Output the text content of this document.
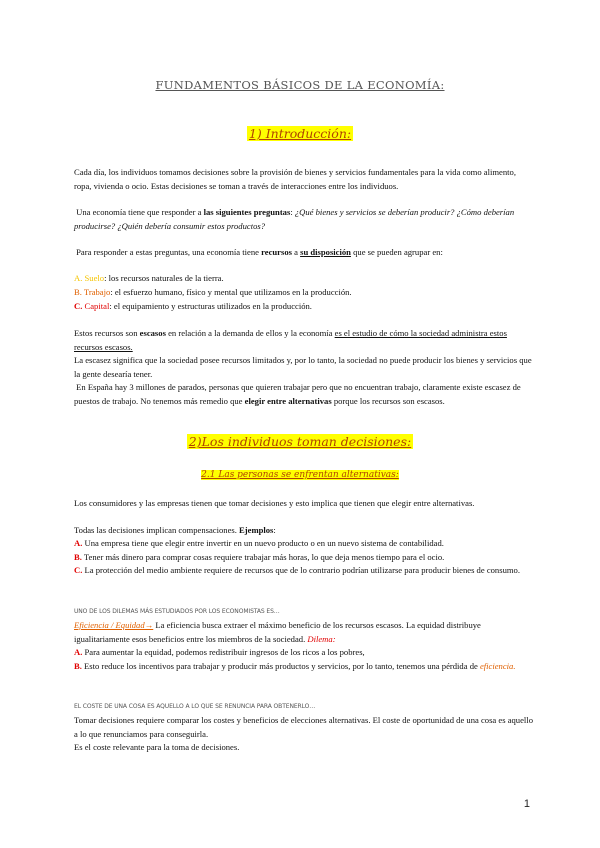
FUNDAMENTOS BÁSICOS DE LA ECONOMÍA:
1) Introducción:
Cada día, los individuos tomamos decisiones sobre la provisión de bienes y servicios fundamentales para la vida como alimento, ropa, vivienda o ocio. Estas decisiones se toman a través de interacciones entre los individuos.
Una economía tiene que responder a las siguientes preguntas: ¿Qué bienes y servicios se deberían producir? ¿Cómo deberían producirse? ¿Quién debería consumir estos productos?
Para responder a estas preguntas, una economía tiene recursos a su disposición que se pueden agrupar en:
A. Suelo: los recursos naturales de la tierra.
B. Trabajo: el esfuerzo humano, físico y mental que utilizamos en la producción.
C. Capital: el equipamiento y estructuras utilizados en la producción.
Estos recursos son escasos en relación a la demanda de ellos y la economía es el estudio de cómo la sociedad administra estos recursos escasos.
La escasez significa que la sociedad posee recursos limitados y, por lo tanto, la sociedad no puede producir los bienes y servicios que la gente desearía tener.
En España hay 3 millones de parados, personas que quieren trabajar pero que no encuentran trabajo, claramente existe escasez de puestos de trabajo. No tenemos más remedio que elegir entre alternativas porque los recursos son escasos.
2)Los individuos toman decisiones:
2.1 Las personas se enfrentan alternativas:
Los consumidores y las empresas tienen que tomar decisiones y esto implica que tienen que elegir entre alternativas.
Todas las decisiones implican compensaciones. Ejemplos:
A. Una empresa tiene que elegir entre invertir en un nuevo producto o en un nuevo sistema de contabilidad.
B. Tener más dinero para comprar cosas requiere trabajar más horas, lo que deja menos tiempo para el ocio.
C. La protección del medio ambiente requiere de recursos que de lo contrario podrían utilizarse para producir bienes de consumo.
UNO DE LOS DILEMAS MÁS ESTUDIADOS POR LOS ECONOMISTAS ES…
Eficiencia / Equidad→ La eficiencia busca extraer el máximo beneficio de los recursos escasos. La equidad distribuye igualitariamente esos beneficios entre los miembros de la sociedad. Dilema:
A. Para aumentar la equidad, podemos redistribuir ingresos de los ricos a los pobres,
B. Esto reduce los incentivos para trabajar y producir más productos y servicios, por lo tanto, tenemos una pérdida de eficiencia.
EL COSTE DE UNA COSA ES AQUELLO A LO QUE SE RENUNCIA PARA OBTENERLO…
Tomar decisiones requiere comparar los costes y beneficios de elecciones alternativas. El coste de oportunidad de una cosa es aquello a lo que renunciamos para conseguirla.
Es el coste relevante para la toma de decisiones.
1
